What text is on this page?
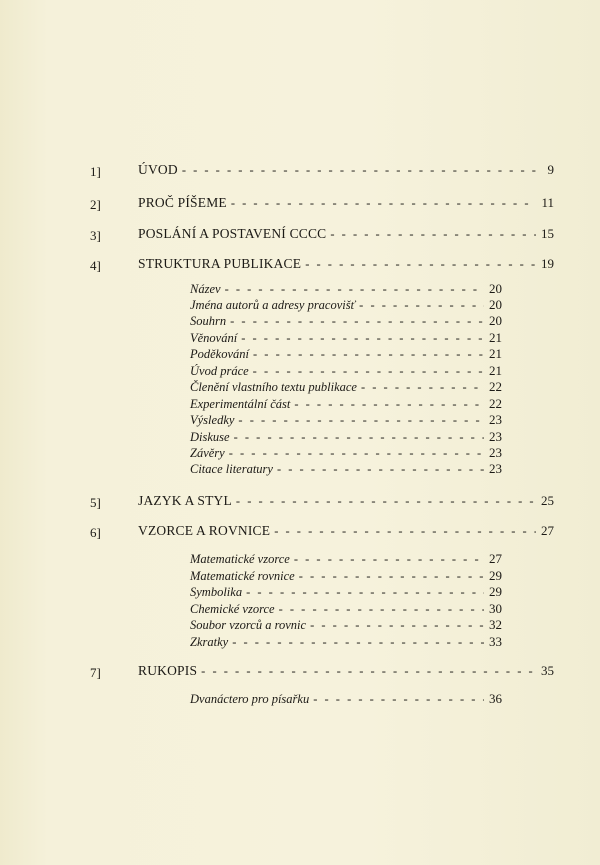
1]	ÚVOD - - -	9
2]	PROČ PÍŠEME - - -	11
3]	POSLÁNÍ A POSTAVENÍ CCCC - - -	15
4]	STRUKTURA PUBLIKACE - - -	19
Název - - -	20
Jména autorů a adresy pracovišť - - -	20
Souhrn - - -	20
Věnování - - -	21
Poděkování - - -	21
Úvod práce - - -	21
Členění vlastního textu publikace - - -	22
Experimentální část - - -	22
Výsledky - - -	23
Diskuse - - -	23
Závěry - - -	23
Citace literatury - - -	23
5]	JAZYK A STYL - - -	25
6]	VZORCE A ROVNICE - - -	27
Matematické vzorce - - -	27
Matematické rovnice - - -	29
Symbolika - - -	29
Chemické vzorce - - -	30
Soubor vzorců a rovnic - - -	32
Zkratky - - -	33
7]	RUKOPIS - - -	35
Dvanáctero pro písařku - - -	36
